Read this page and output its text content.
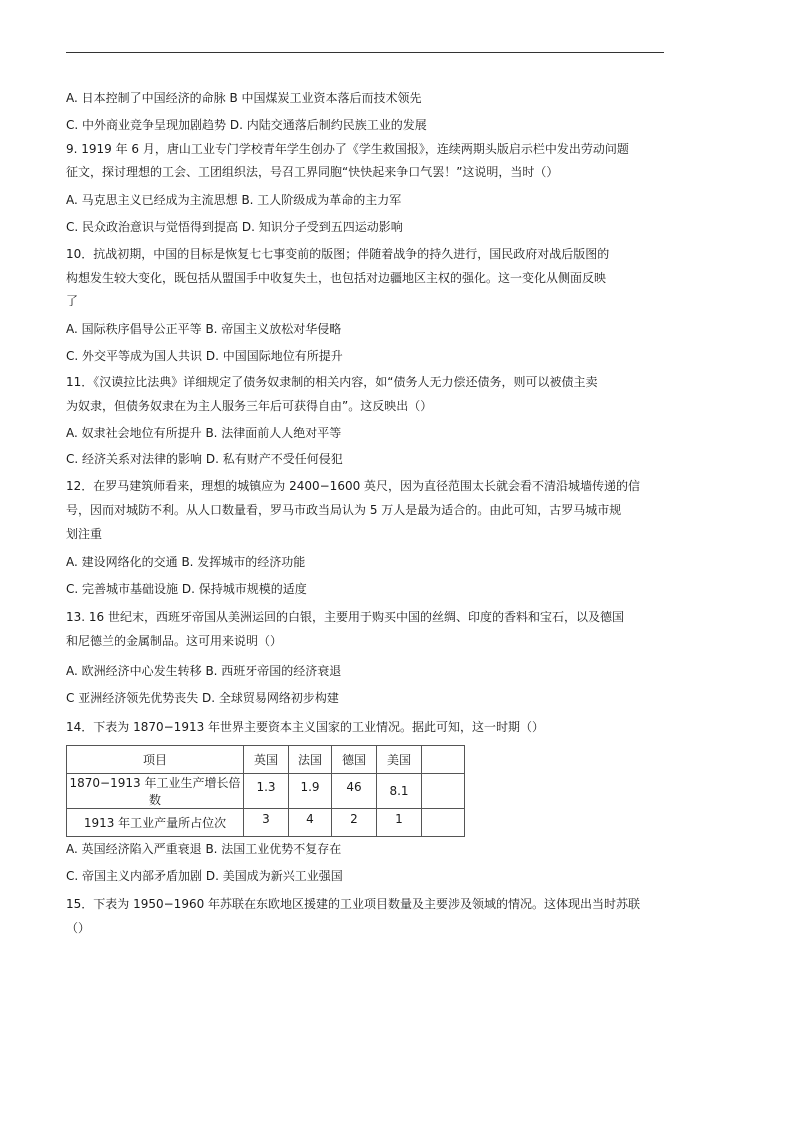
A. 日本控制了中国经济的命脉 B 中国煤炭工业资本落后而技术领先
C. 中外商业竞争呈现加剧趋势 D. 内陆交通落后制约民族工业的发展
9. 1919 年 6 月，唐山工业专门学校青年学生创办了《学生救国报》，连续两期头版启示栏中发出劳动问题
征文，探讨理想的工会、工团组织法，号召工界同胞“快快起来争口气罢！”这说明，当时（）
A. 马克思主义已经成为主流思想 B. 工人阶级成为革命的主力军
C. 民众政治意识与觉悟得到提高 D. 知识分子受到五四运动影响
10．抗战初期，中国的目标是恢复七七事变前的版图；伴随着战争的持久进行，国民政府对战后版图的
构想发生较大变化，既包括从盟国手中收复失土，也包括对边疆地区主权的强化。这一变化从侧面反映
了
A. 国际秩序倡导公正平等 B. 帝国主义放松对华侵略
C. 外交平等成为国人共识 D. 中国国际地位有所提升
11．《汉谟拉比法典》详细规定了债务奴隶制的相关内容，如“债务人无力偿还债务，则可以被债主卖
为奴隶，但债务奴隶在为主人服务三年后可获得自由”。这反映出（）
A. 奴隶社会地位有所提升 B. 法律面前人人绝对平等
C. 经济关系对法律的影响 D. 私有财产不受任何侵犯
12．在罗马建筑师看来，理想的城镇应为 2400−1600 英尺，因为直径范围太长就会看不清沿城墙传递的信
号，因而对城防不利。从人口数量看，罗马市政当局认为 5 万人是最为适合的。由此可知，古罗马城市规
划注重
A. 建设网络化的交通 B. 发挥城市的经济功能
C. 完善城市基础设施 D. 保持城市规模的适度
13. 16 世纪末，西班牙帝国从美洲运回的白银，主要用于购买中国的丝绸、印度的香料和宝石，以及德国
和尼德兰的金属制品。这可用来说明（）
A. 欧洲经济中心发生转移 B. 西班牙帝国的经济衰退
C 亚洲经济领先优势丧失 D. 全球贸易网络初步构建
14．下表为 1870−1913 年世界主要资本主义国家的工业情况。据此可知，这一时期（）
A. 英国经济陷入严重衰退 B. 法国工业优势不复存在
C. 帝国主义内部矛盾加剧 D. 美国成为新兴工业强国
15．下表为 1950−1960 年苏联在东欧地区援建的工业项目数量及主要涉及领域的情况。这体现出当时苏联
（）
项目	英国	法国	德国	美国	
1870−1913 年工业生产增长倍数	1.3	1.9	46	8.1	
1913 年工业产量所占位次	3	4	2	1	
